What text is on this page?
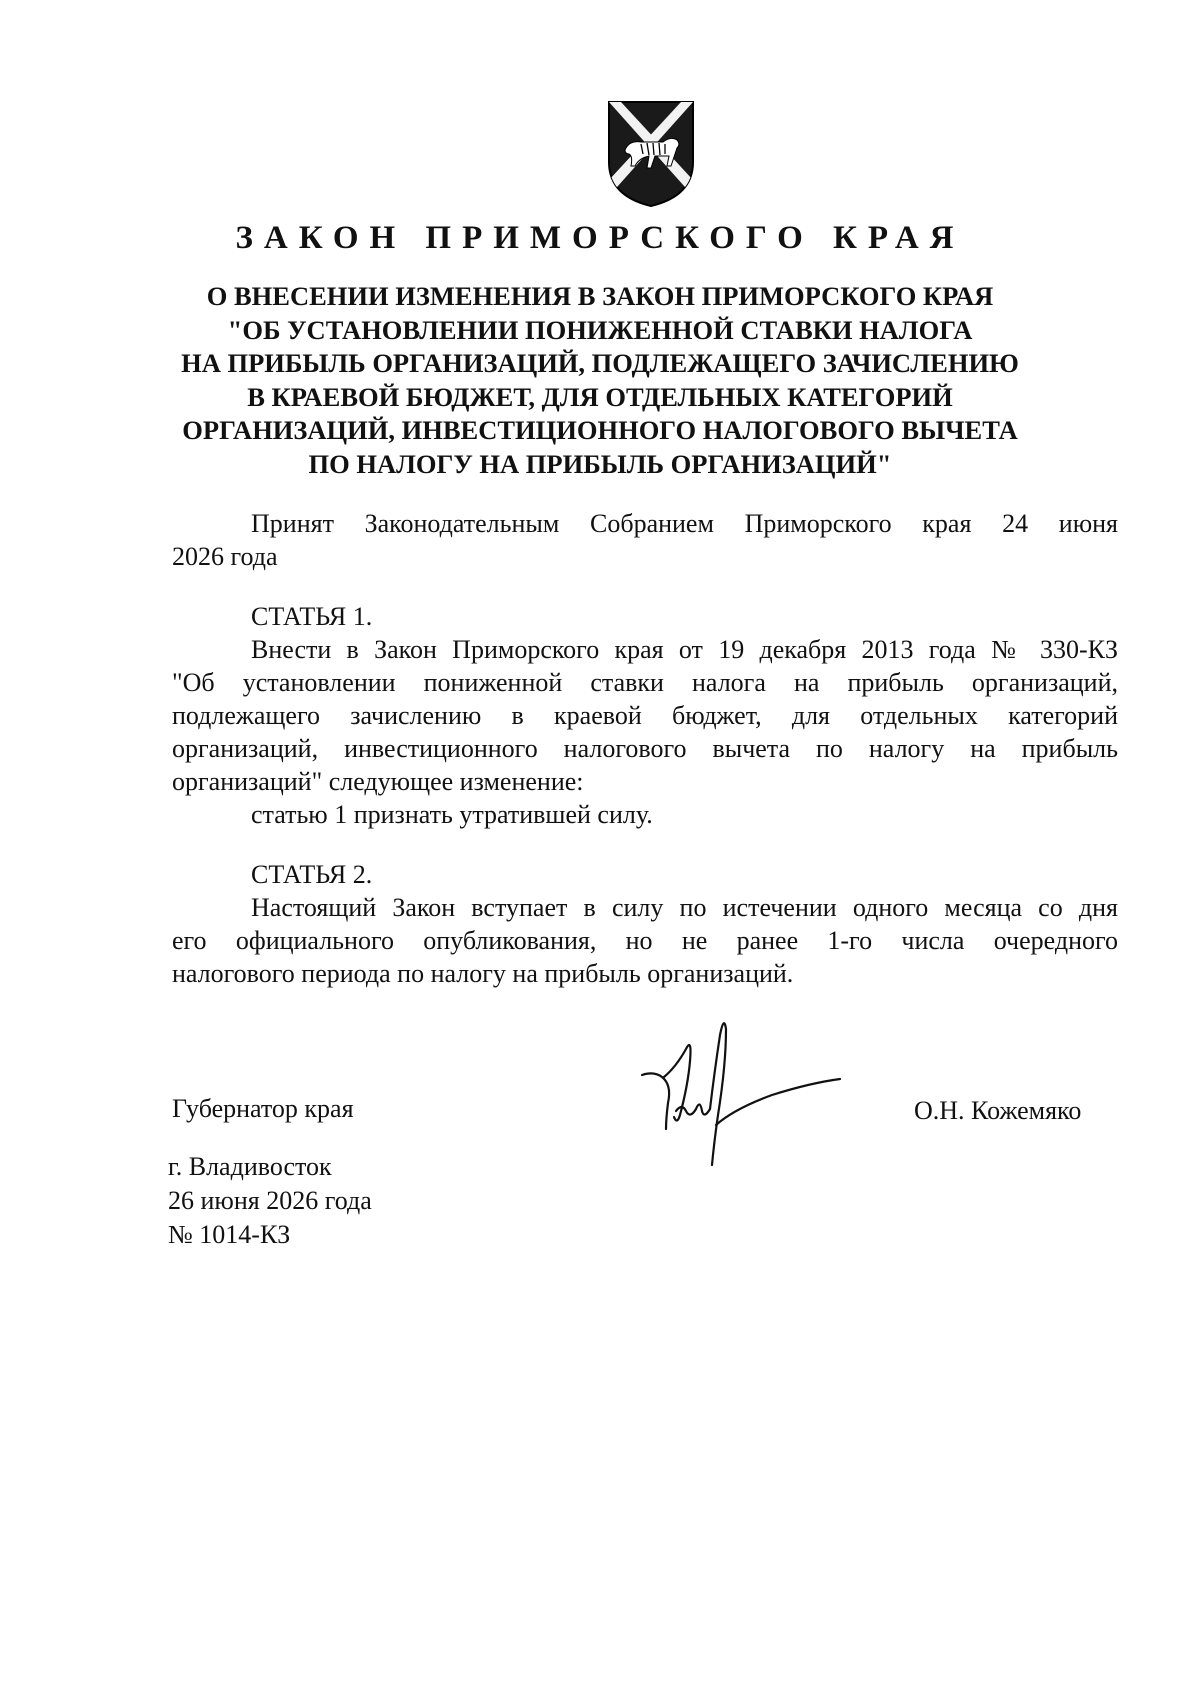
ЗАКОН ПРИМОРСКОГО КРАЯ
О ВНЕСЕНИИ ИЗМЕНЕНИЯ В ЗАКОН ПРИМОРСКОГО КРАЯ
"ОБ УСТАНОВЛЕНИИ ПОНИЖЕННОЙ СТАВКИ НАЛОГА
НА ПРИБЫЛЬ ОРГАНИЗАЦИЙ, ПОДЛЕЖАЩЕГО ЗАЧИСЛЕНИЮ
В КРАЕВОЙ БЮДЖЕТ, ДЛЯ ОТДЕЛЬНЫХ КАТЕГОРИЙ
ОРГАНИЗАЦИЙ, ИНВЕСТИЦИОННОГО НАЛОГОВОГО ВЫЧЕТА
ПО НАЛОГУ НА ПРИБЫЛЬ ОРГАНИЗАЦИЙ"
Принят Законодательным Собранием Приморского края 24 июня
2026 года
СТАТЬЯ 1.
Внести в Закон Приморского края от 19 декабря 2013 года № 330-КЗ
"Об установлении пониженной ставки налога на прибыль организаций,
подлежащего зачислению в краевой бюджет, для отдельных категорий
организаций, инвестиционного налогового вычета по налогу на прибыль
организаций" следующее изменение:
статью 1 признать утратившей силу.
СТАТЬЯ 2.
Настоящий Закон вступает в силу по истечении одного месяца со дня
его официального опубликования, но не ранее 1-го числа очередного
налогового периода по налогу на прибыль организаций.

Губернатор края	О.Н. Кожемяко

г. Владивосток
26 июня 2026 года
№ 1014-КЗ
